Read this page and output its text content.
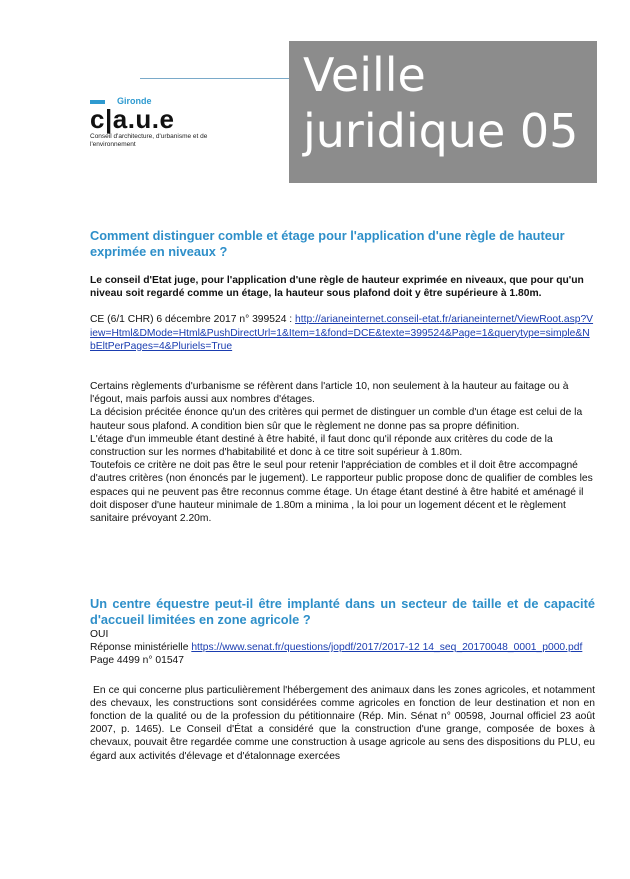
Veille
juridique 05
Gironde
c|a.u.e
Conseil d'architecture, d'urbanisme et de l'environnement
Comment distinguer comble et étage pour l'application d'une règle de hauteur exprimée en niveaux ?

Le conseil d'Etat juge, pour l'application d'une règle de hauteur exprimée en niveaux, que pour qu'un niveau soit regardé comme un étage, la hauteur sous plafond doit y être supérieure à 1.80m.

CE (6/1 CHR) 6 décembre 2017 n° 399524 : http://arianeinternet.conseil-etat.fr/arianeinternet/ViewRoot.asp?View=Html&DMode=Html&PushDirectUrl=1&Item=1&fond=DCE&texte=399524&Page=1&querytype=simple&NbEltPerPages=4&Pluriels=True

Certains règlements d'urbanisme se réfèrent dans l'article 10, non seulement à la hauteur au faitage ou à l'égout, mais parfois aussi aux nombres d'étages.

La décision précitée énonce qu'un des critères qui permet de distinguer un comble d'un étage est celui de la hauteur sous plafond. A condition bien sûr que le règlement ne donne pas sa propre définition.

L'étage d'un immeuble étant destiné à être habité, il faut donc qu'il réponde aux critères du code de la construction sur les normes d'habitabilité et donc à ce titre soit supérieur à 1.80m.

Toutefois ce critère ne doit pas être le seul pour retenir l'appréciation de combles et il doit être accompagné d'autres critères (non énoncés par le jugement). Le rapporteur public propose donc de qualifier de combles les espaces qui ne peuvent pas être reconnus comme étage. Un étage étant destiné à être habité et aménagé il doit disposer d'une hauteur minimale de 1.80m a minima , la loi pour un logement décent et le règlement sanitaire prévoyant 2.20m.

Un centre équestre peut-il être implanté dans un secteur de taille et de capacité d'accueil limitées en zone agricole ?

OUI

Réponse ministérielle https://www.senat.fr/questions/jopdf/2017/2017-12 14_seq_20170048_0001_p000.pdf

Page 4499 n° 01547

En ce qui concerne plus particulièrement l'hébergement des animaux dans les zones agricoles, et notamment des chevaux, les constructions sont considérées comme agricoles en fonction de leur destination et non en fonction de la qualité ou de la profession du pétitionnaire (Rép. Min. Sénat n° 00598, Journal officiel 23 août 2007, p. 1465). Le Conseil d'État a considéré que la construction d'une grange, composée de boxes à chevaux, pouvait être regardée comme une construction à usage agricole au sens des dispositions du PLU, eu égard aux activités d'élevage et d'étalonnage exercées
